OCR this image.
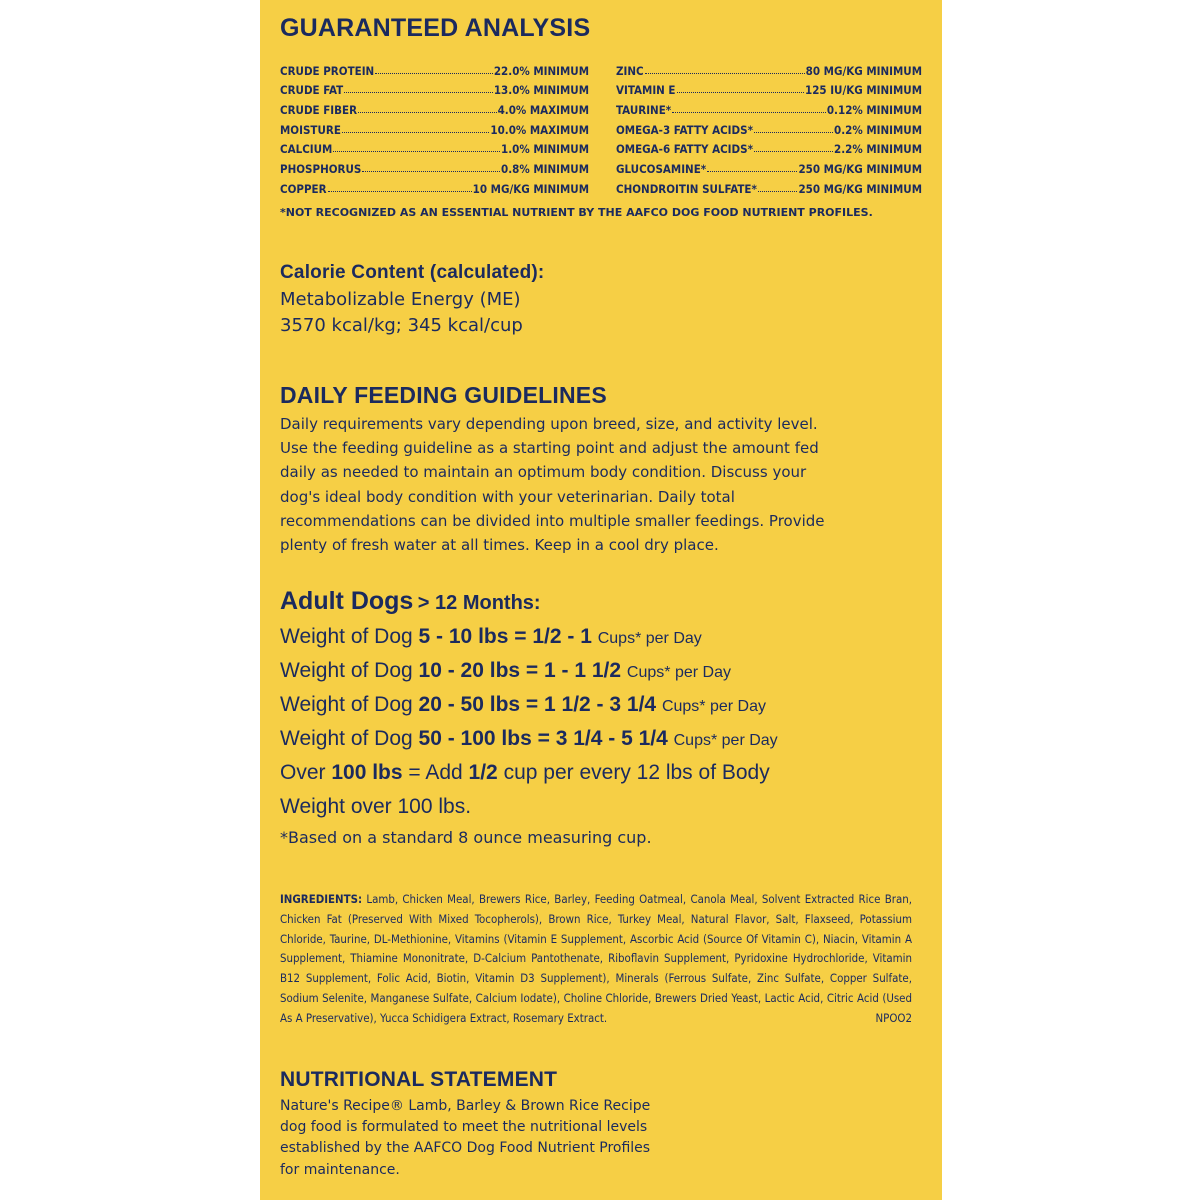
GUARANTEED ANALYSIS
CRUDE PROTEIN	22.0% MINIMUM
CRUDE FAT	13.0% MINIMUM
CRUDE FIBER	4.0% MAXIMUM
MOISTURE	10.0% MAXIMUM
CALCIUM	1.0% MINIMUM
PHOSPHORUS	0.8% MINIMUM
COPPER	10 MG/KG MINIMUM
ZINC	80 MG/KG MINIMUM
VITAMIN E	125 IU/KG MINIMUM
TAURINE*	0.12% MINIMUM
OMEGA-3 FATTY ACIDS*	0.2% MINIMUM
OMEGA-6 FATTY ACIDS*	2.2% MINIMUM
GLUCOSAMINE*	250 MG/KG MINIMUM
CHONDROITIN SULFATE*	250 MG/KG MINIMUM
*NOT RECOGNIZED AS AN ESSENTIAL NUTRIENT BY THE AAFCO DOG FOOD NUTRIENT PROFILES.
Calorie Content (calculated):
Metabolizable Energy (ME)
3570 kcal/kg; 345 kcal/cup
DAILY FEEDING GUIDELINES
Daily requirements vary depending upon breed, size, and activity level. Use the feeding guideline as a starting point and adjust the amount fed daily as needed to maintain an optimum body condition. Discuss your dog's ideal body condition with your veterinarian. Daily total recommendations can be divided into multiple smaller feedings. Provide plenty of fresh water at all times. Keep in a cool dry place.
Adult Dogs > 12 Months:
Weight of Dog 5 - 10 lbs = 1/2 - 1 Cups* per Day
Weight of Dog 10 - 20 lbs = 1 - 1 1/2 Cups* per Day
Weight of Dog 20 - 50 lbs = 1 1/2 - 3 1/4 Cups* per Day
Weight of Dog 50 - 100 lbs = 3 1/4 - 5 1/4 Cups* per Day
Over 100 lbs = Add 1/2 cup per every 12 lbs of Body
Weight over 100 lbs.
*Based on a standard 8 ounce measuring cup.
INGREDIENTS: Lamb, Chicken Meal, Brewers Rice, Barley, Feeding Oatmeal, Canola Meal, Solvent Extracted Rice Bran, Chicken Fat (Preserved With Mixed Tocopherols), Brown Rice, Turkey Meal, Natural Flavor, Salt, Flaxseed, Potassium Chloride, Taurine, DL-Methionine, Vitamins (Vitamin E Supplement, Ascorbic Acid (Source Of Vitamin C), Niacin, Vitamin A Supplement, Thiamine Mononitrate, D-Calcium Pantothenate, Riboflavin Supplement, Pyridoxine Hydrochloride, Vitamin B12 Supplement, Folic Acid, Biotin, Vitamin D3 Supplement), Minerals (Ferrous Sulfate, Zinc Sulfate, Copper Sulfate, Sodium Selenite, Manganese Sulfate, Calcium Iodate), Choline Chloride, Brewers Dried Yeast, Lactic Acid, Citric Acid (Used As A Preservative), Yucca Schidigera Extract, Rosemary Extract.	NPOO2
NUTRITIONAL STATEMENT
Nature's Recipe® Lamb, Barley & Brown Rice Recipe dog food is formulated to meet the nutritional levels established by the AAFCO Dog Food Nutrient Profiles for maintenance.
